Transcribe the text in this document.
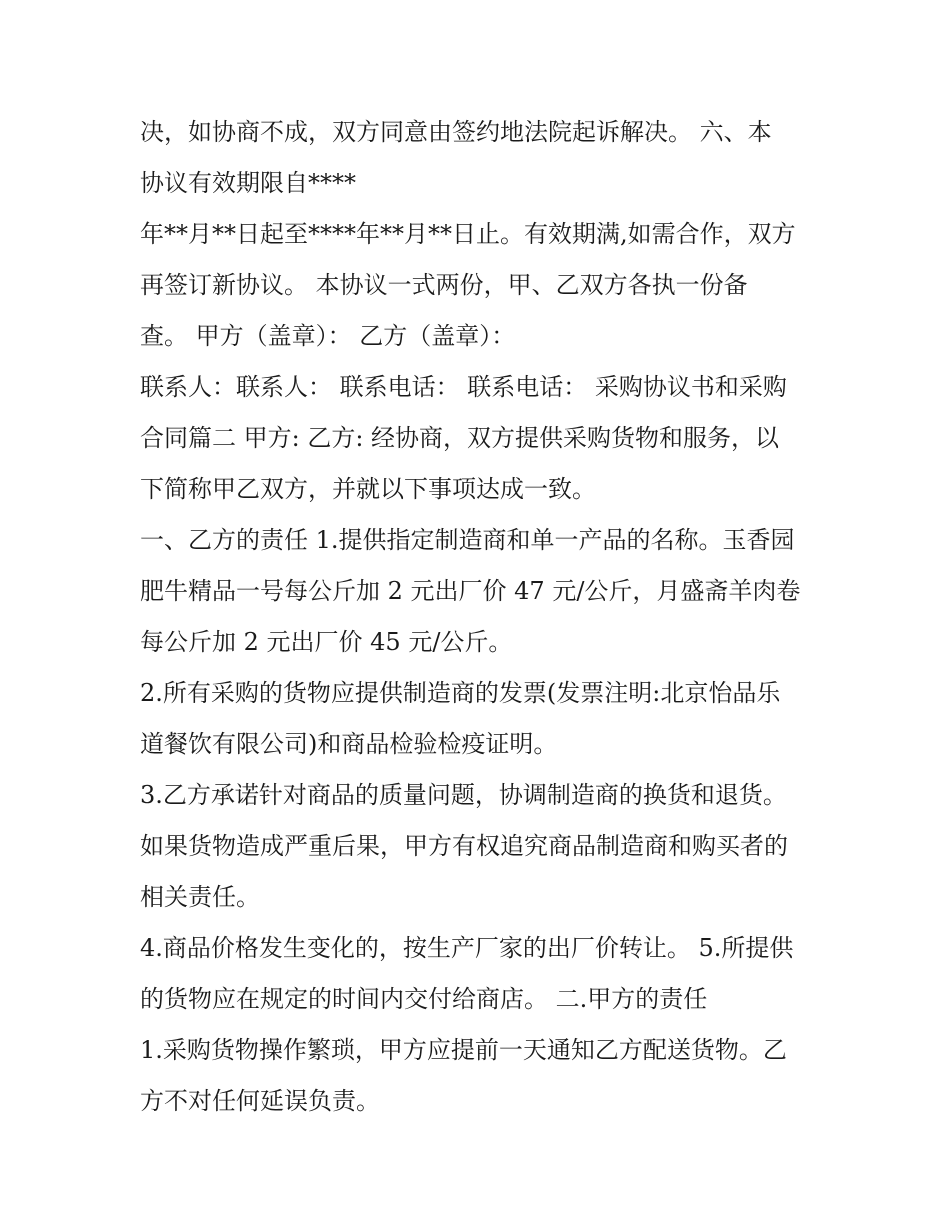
决，如协商不成，双方同意由签约地法院起诉解决。 六、本
协议有效期限自****
年**月**日起至****年**月**日止。有效期满,如需合作，双方
再签订新协议。 本协议一式两份，甲、乙双方各执一份备
查。 甲方（盖章）： 乙方（盖章）：
联系人：联系人： 联系电话： 联系电话： 采购协议书和采购
合同篇二 甲方: 乙方: 经协商，双方提供采购货物和服务，以
下简称甲乙双方，并就以下事项达成一致。
一、乙方的责任 1.提供指定制造商和单一产品的名称。玉香园
肥牛精品一号每公斤加 2 元出厂价 47 元/公斤，月盛斋羊肉卷
每公斤加 2 元出厂价 45 元/公斤。
2.所有采购的货物应提供制造商的发票(发票注明:北京怡品乐
道餐饮有限公司)和商品检验检疫证明。
3.乙方承诺针对商品的质量问题，协调制造商的换货和退货。
如果货物造成严重后果，甲方有权追究商品制造商和购买者的
相关责任。
4.商品价格发生变化的，按生产厂家的出厂价转让。 5.所提供
的货物应在规定的时间内交付给商店。 二.甲方的责任
1.采购货物操作繁琐，甲方应提前一天通知乙方配送货物。乙
方不对任何延误负责。
